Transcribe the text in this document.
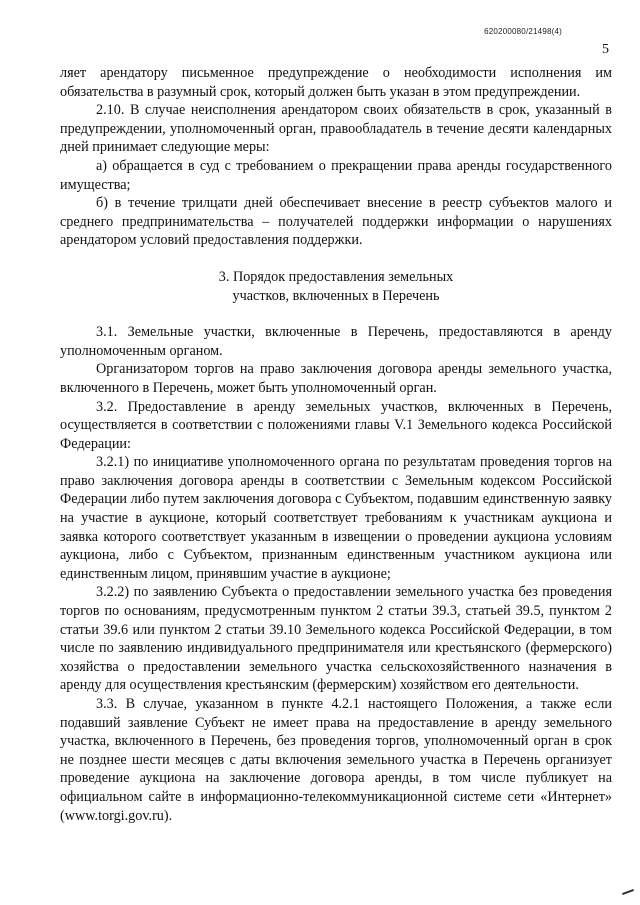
620200080/21498(4)
5

ляет арендатору письменное предупреждение о необходимости исполнения им обязательства в разумный срок, который должен быть указан в этом предупреждении.

2.10. В случае неисполнения арендатором своих обязательств в срок, указанный в предупреждении, уполномоченный орган, правообладатель в течение десяти календарных дней принимает следующие меры:

а) обращается в суд с требованием о прекращении права аренды государственного имущества;

б) в течение трилцати дней обеспечивает внесение в реестр субъектов малого и среднего предпринимательства – получателей поддержки информации о нарушениях арендатором условий предоставления поддержки.

3. Порядок предоставления земельных
участков, включенных в Перечень

3.1. Земельные участки, включенные в Перечень, предоставляются в аренду уполномоченным органом.

Организатором торгов на право заключения договора аренды земельного участка, включенного в Перечень, может быть уполномоченный орган.

3.2. Предоставление в аренду земельных участков, включенных в Перечень, осуществляется в соответствии с положениями главы V.1 Земельного кодекса Российской Федерации:

3.2.1) по инициативе уполномоченного органа по результатам проведения торгов на право заключения договора аренды в соответствии с Земельным кодексом Российской Федерации либо путем заключения договора с Субъектом, подавшим единственную заявку на участие в аукционе, который соответствует требованиям к участникам аукциона и заявка которого соответствует указанным в извещении о проведении аукциона условиям аукциона, либо с Субъектом, признанным единственным участником аукциона или единственным лицом, принявшим участие в аукционе;

3.2.2) по заявлению Субъекта о предоставлении земельного участка без проведения торгов по основаниям, предусмотренным пунктом 2 статьи 39.3, статьей 39.5, пунктом 2 статьи 39.6 или пунктом 2 статьи 39.10 Земельного кодекса Российской Федерации, в том числе по заявлению индивидуального предпринимателя или крестьянского (фермерского) хозяйства о предоставлении земельного участка сельскохозяйственного назначения в аренду для осуществления крестьянским (фермерским) хозяйством его деятельности.

3.3. В случае, указанном в пункте 4.2.1 настоящего Положения, а также если подавший заявление Субъект не имеет права на предоставление в аренду земельного участка, включенного в Перечень, без проведения торгов, уполномоченный орган в срок не позднее шести месяцев с даты включения земельного участка в Перечень организует проведение аукциона на заключение договора аренды, в том числе публикует на официальном сайте в информационно-телекоммуникационной системе сети «Интернет» (www.torgi.gov.ru).
